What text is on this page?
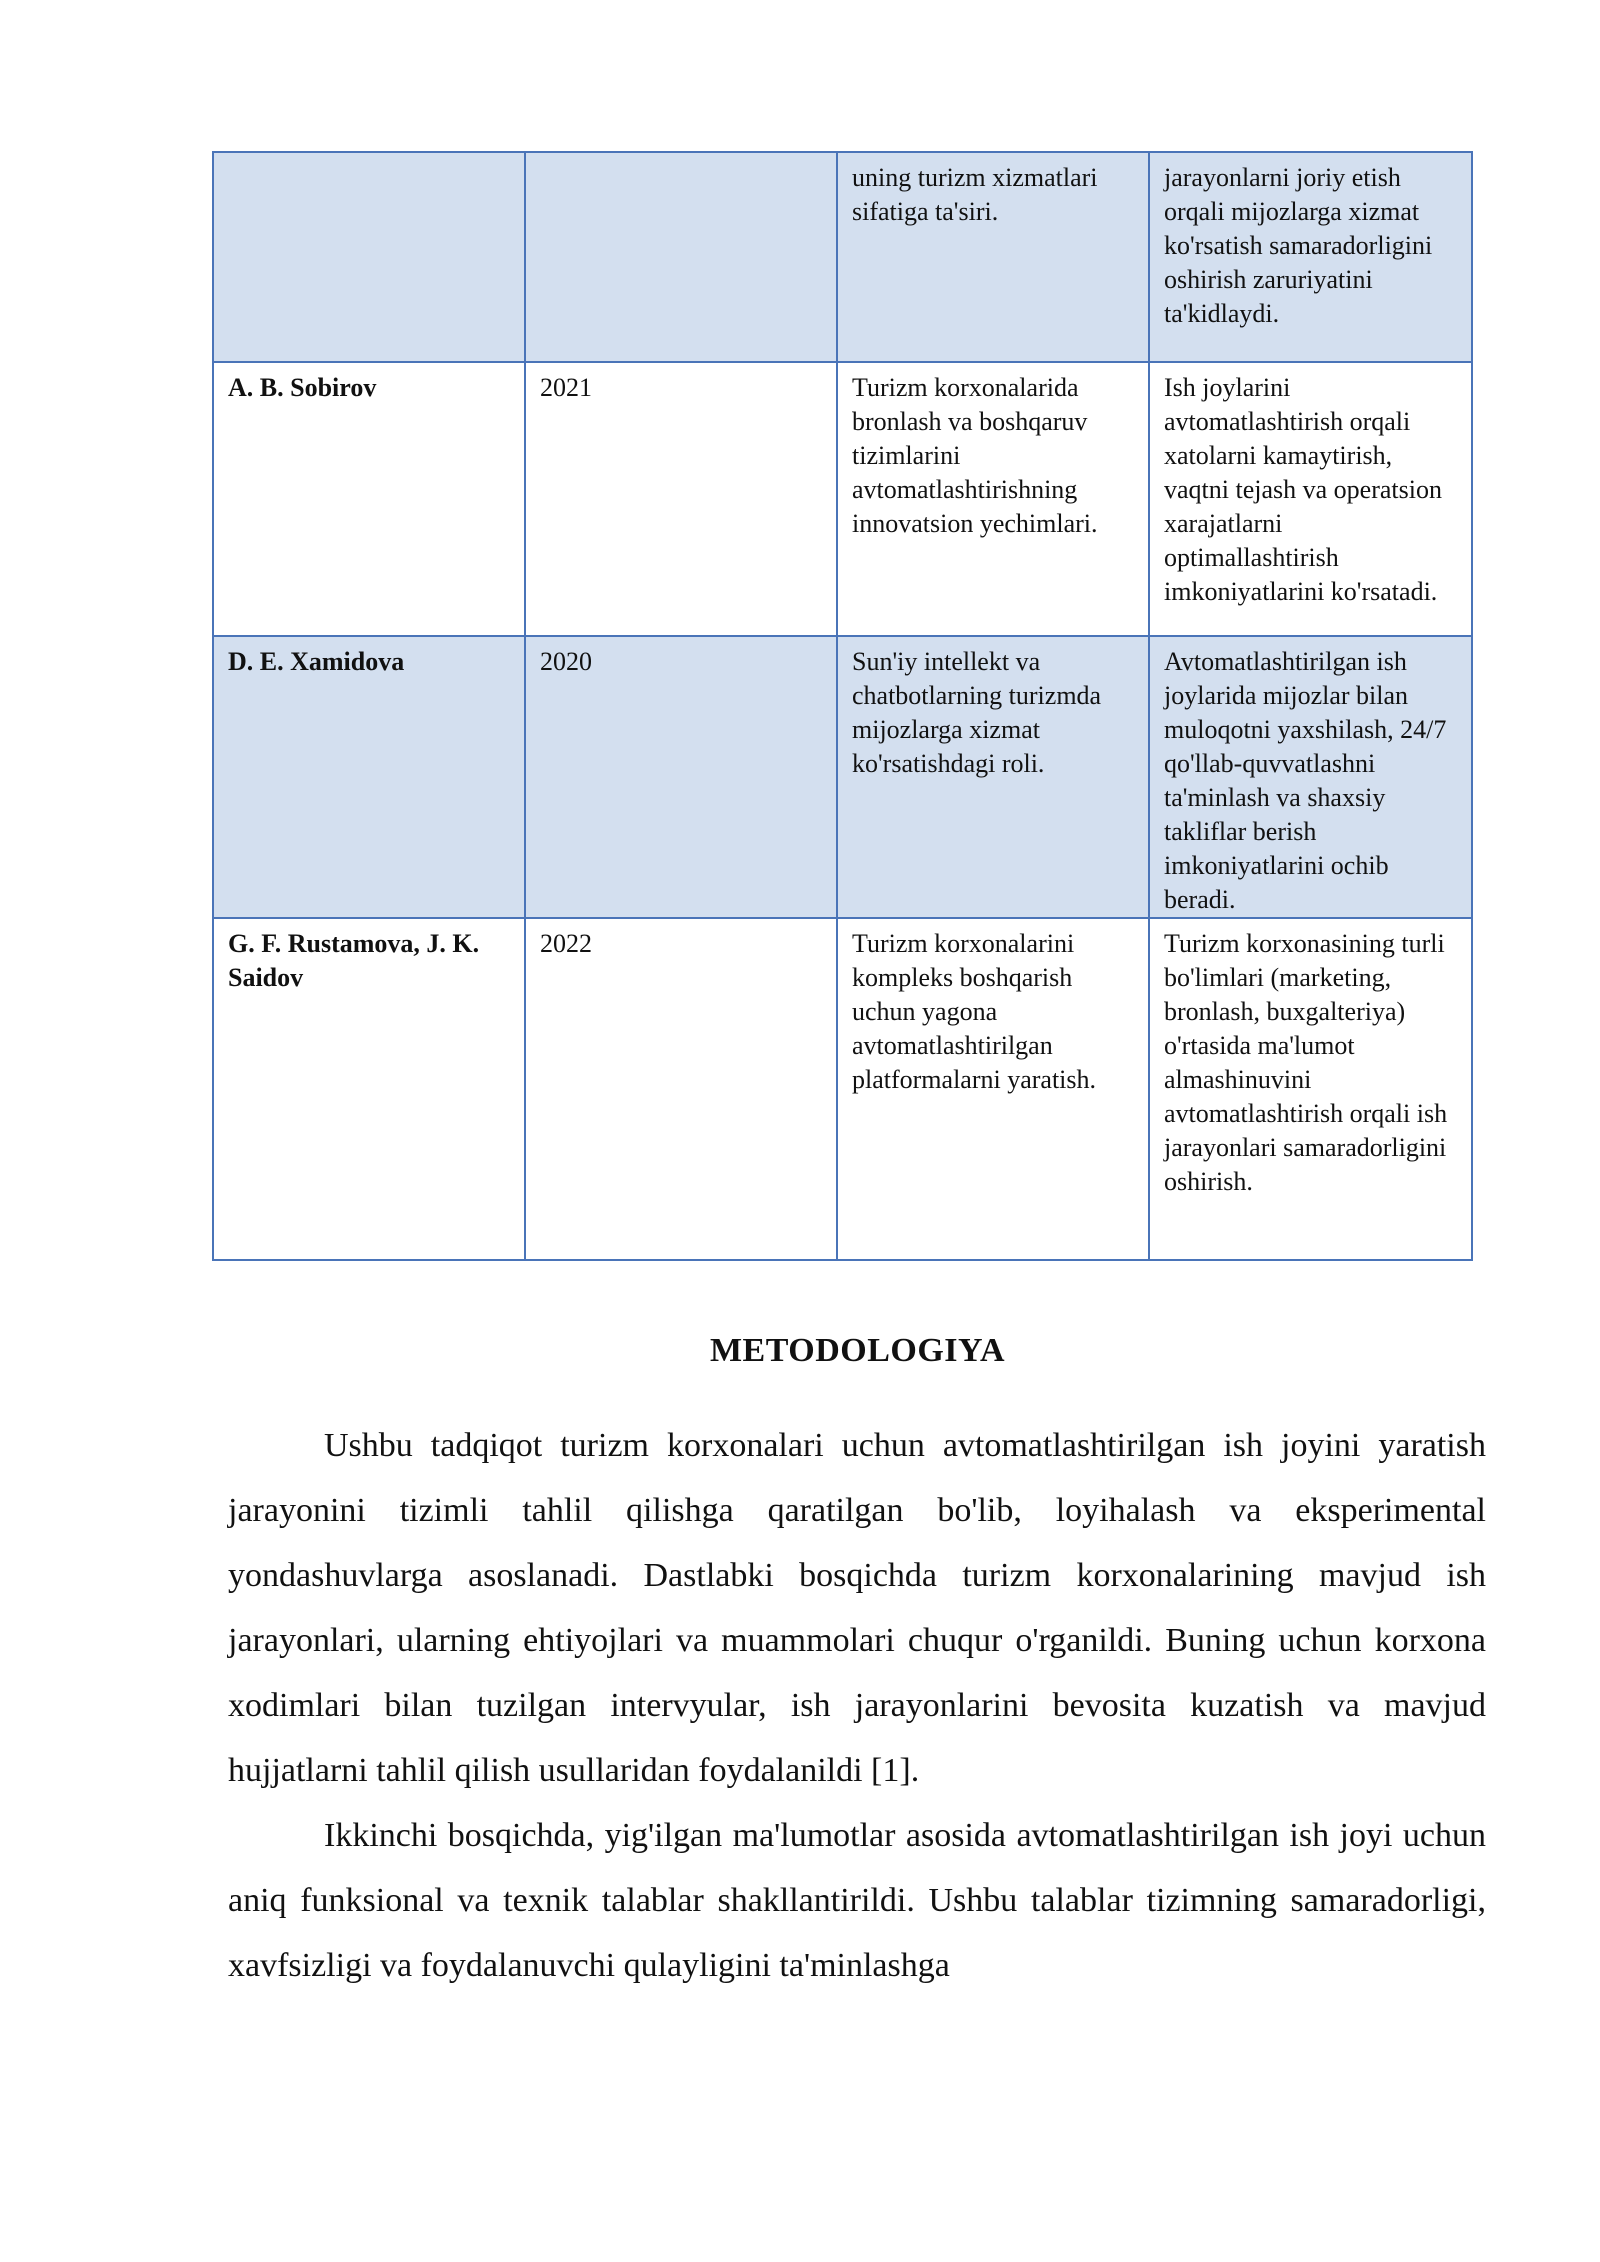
		uning turizm xizmatlari sifatiga ta'siri.	jarayonlarni joriy etish orqali mijozlarga xizmat ko'rsatish samaradorligini oshirish zaruriyatini ta'kidlaydi.
A. B. Sobirov	2021	Turizm korxonalarida bronlash va boshqaruv tizimlarini avtomatlashtirishning innovatsion yechimlari.	Ish joylarini avtomatlashtirish orqali xatolarni kamaytirish, vaqtni tejash va operatsion xarajatlarni optimallashtirish imkoniyatlarini ko'rsatadi.
D. E. Xamidova	2020	Sun'iy intellekt va chatbotlarning turizmda mijozlarga xizmat ko'rsatishdagi roli.	Avtomatlashtirilgan ish joylarida mijozlar bilan muloqotni yaxshilash, 24/7 qo'llab-quvvatlashni ta'minlash va shaxsiy takliflar berish imkoniyatlarini ochib beradi.
G. F. Rustamova, J. K. Saidov	2022	Turizm korxonalarini kompleks boshqarish uchun yagona avtomatlashtirilgan platformalarni yaratish.	Turizm korxonasining turli bo'limlari (marketing, bronlash, buxgalteriya) o'rtasida ma'lumot almashinuvini avtomatlashtirish orqali ish jarayonlari samaradorligini oshirish.
METODOLOGIYA

Ushbu tadqiqot turizm korxonalari uchun avtomatlashtirilgan ish joyini yaratish jarayonini tizimli tahlil qilishga qaratilgan bo'lib, loyihalash va eksperimental yondashuvlarga asoslanadi. Dastlabki bosqichda turizm korxonalarining mavjud ish jarayonlari, ularning ehtiyojlari va muammolari chuqur o'rganildi. Buning uchun korxona xodimlari bilan tuzilgan intervyular, ish jarayonlarini bevosita kuzatish va mavjud hujjatlarni tahlil qilish usullaridan foydalanildi [1].

Ikkinchi bosqichda, yig'ilgan ma'lumotlar asosida avtomatlashtirilgan ish joyi uchun aniq funksional va texnik talablar shakllantirildi. Ushbu talablar tizimning samaradorligi, xavfsizligi va foydalanuvchi qulayligini ta'minlashga
